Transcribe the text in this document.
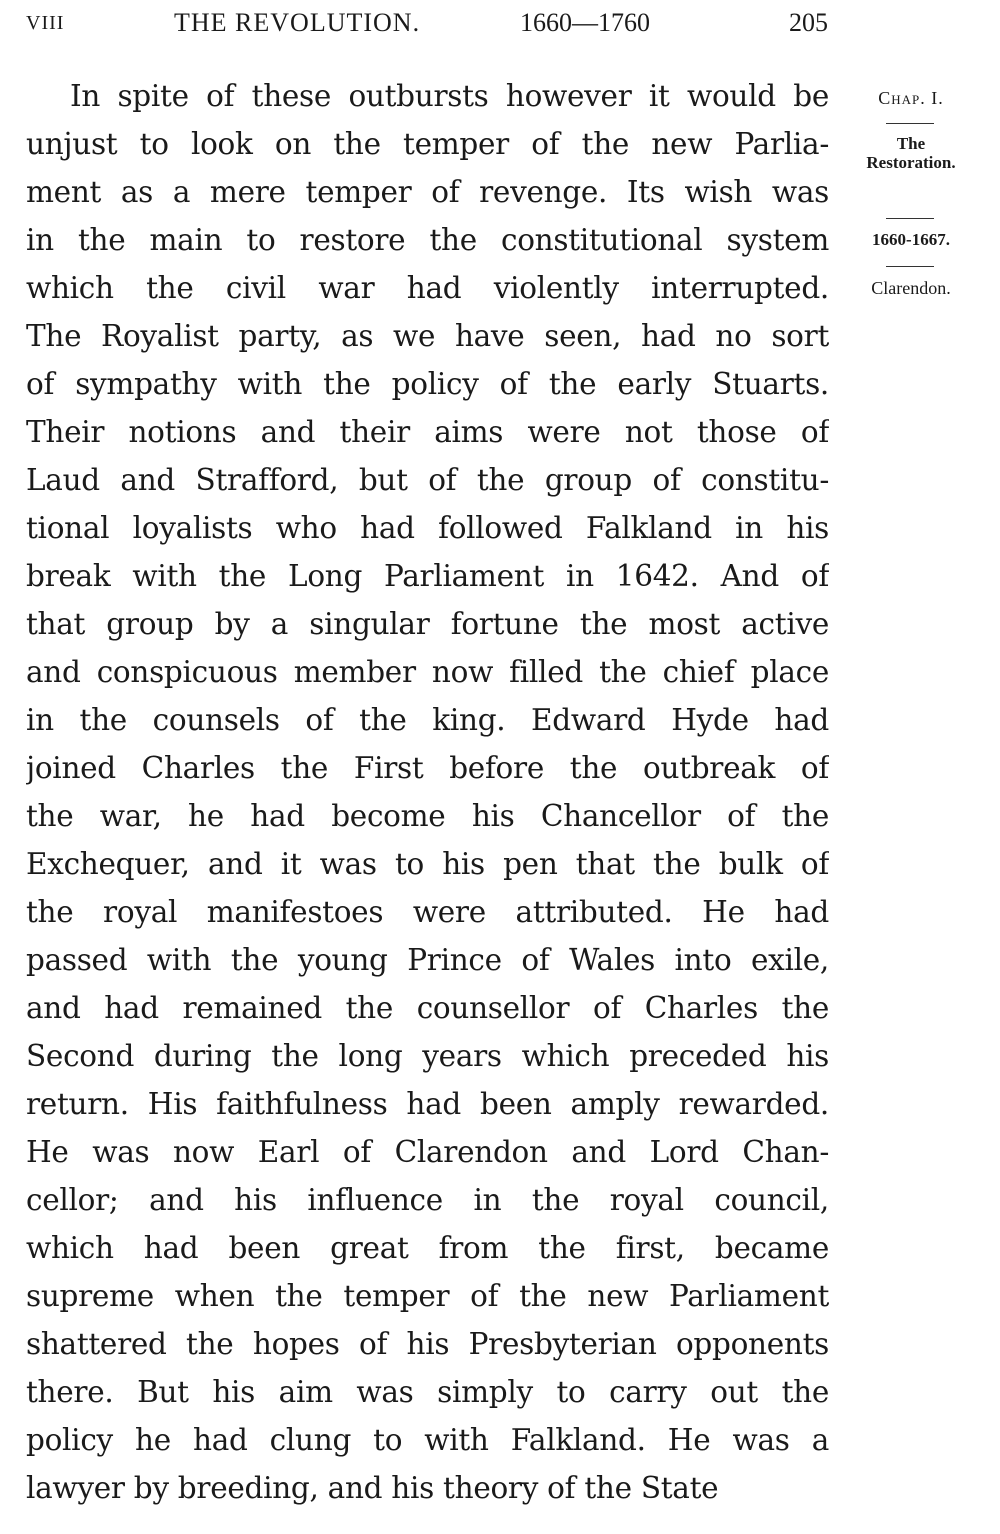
VIII	THE REVOLUTION.	1660—1760	205
In spite of these outbursts however it would be
unjust to look on the temper of the new Parlia-
ment as a mere temper of revenge. Its wish was
in the main to restore the constitutional system
which the civil war had violently interrupted.
The Royalist party, as we have seen, had no sort
of sympathy with the policy of the early Stuarts.
Their notions and their aims were not those of
Laud and Strafford, but of the group of constitu-
tional loyalists who had followed Falkland in his
break with the Long Parliament in 1642. And of
that group by a singular fortune the most active
and conspicuous member now filled the chief place
in the counsels of the king. Edward Hyde had
joined Charles the First before the outbreak of
the war, he had become his Chancellor of the
Exchequer, and it was to his pen that the bulk of
the royal manifestoes were attributed. He had
passed with the young Prince of Wales into exile,
and had remained the counsellor of Charles the
Second during the long years which preceded his
return. His faithfulness had been amply rewarded.
He was now Earl of Clarendon and Lord Chan-
cellor; and his influence in the royal council,
which had been great from the first, became
supreme when the temper of the new Parliament
shattered the hopes of his Presbyterian opponents
there. But his aim was simply to carry out the
policy he had clung to with Falkland. He was a
lawyer by breeding, and his theory of the State
Chap. I.
The Restoration.
1660-1667.
Clarendon.
